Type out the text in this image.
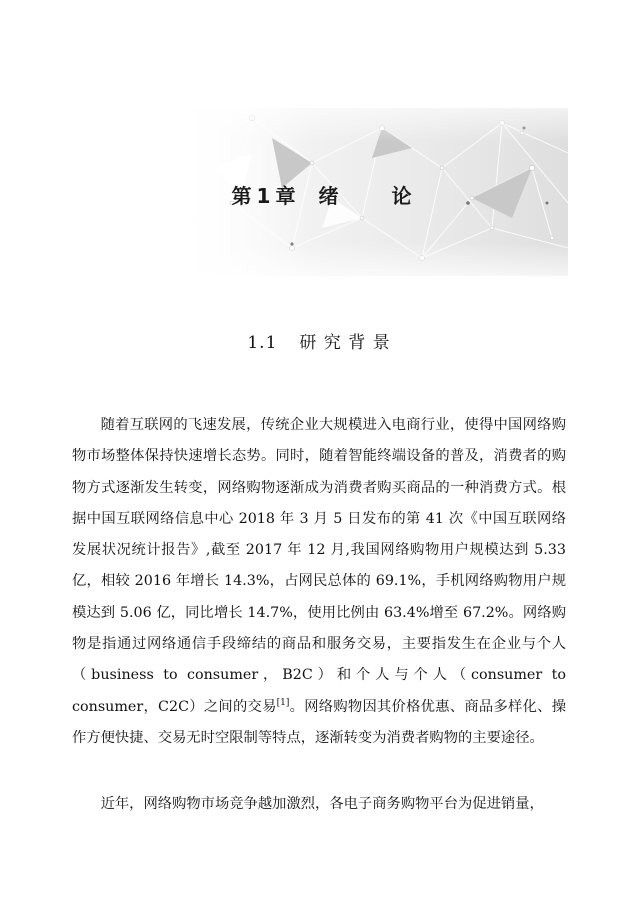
第 1 章 绪	论
1.1 研 究 背 景

随着互联网的飞速发展，传统企业大规模进入电商行业，使得中国网络购物市场整体保持快速增长态势。同时，随着智能终端设备的普及，消费者的购物方式逐渐发生转变，网络购物逐渐成为消费者购买商品的一种消费方式。根据中国互联网络信息中心 2018 年 3 月 5 日发布的第 41 次《中国互联网络发展状况统计报告》,截至 2017 年 12 月,我国网络购物用户规模达到 5.33 亿，相较 2016 年增长 14.3%，占网民总体的 69.1%，手机网络购物用户规模达到 5.06 亿，同比增长 14.7%，使用比例由 63.4%增至 67.2%。网络购物是指通过网络通信手段缔结的商品和服务交易，主要指发生在企业与个人（business to consumer，B2C）和个人与个人（consumer to consumer，C2C）之间的交易[1]。网络购物因其价格优惠、商品多样化、操作方便快捷、交易无时空限制等特点，逐渐转变为消费者购物的主要途径。

近年，网络购物市场竞争越加激烈，各电子商务购物平台为促进销量，
